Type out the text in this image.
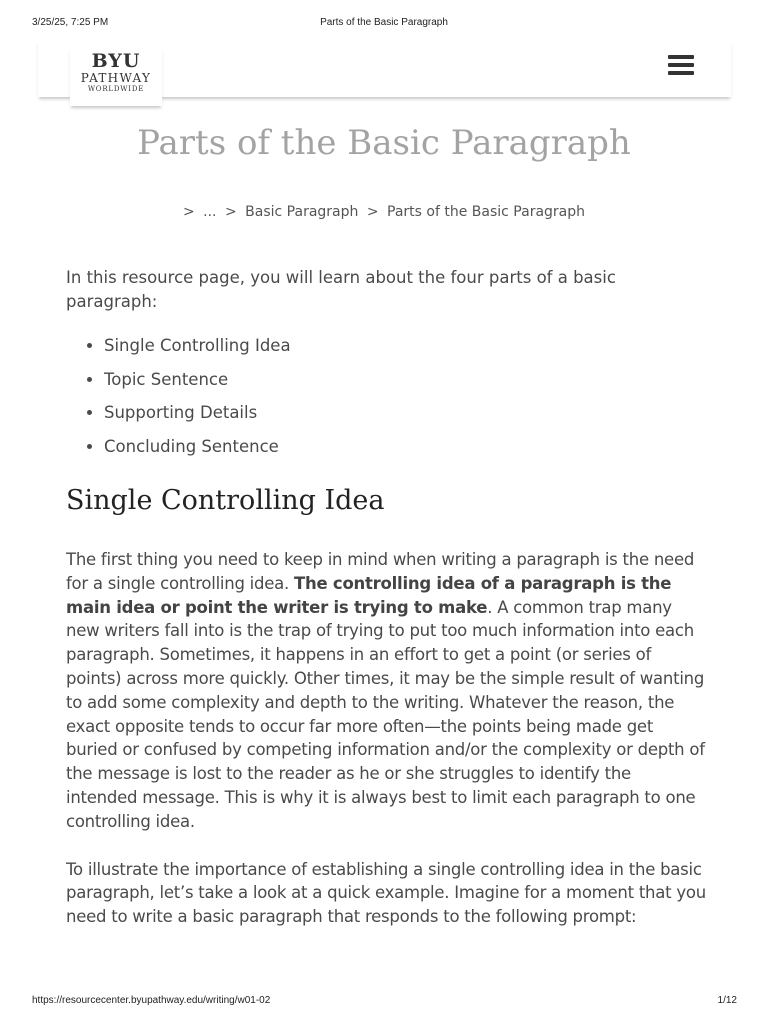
3/25/25, 7:25 PM	Parts of the Basic Paragraph
BYU
PATHWAY
WORLDWIDE
Parts of the Basic Paragraph
> ... > Basic Paragraph > Parts of the Basic Paragraph

In this resource page, you will learn about the four parts of a basic paragraph:

• Single Controlling Idea
• Topic Sentence
• Supporting Details
• Concluding Sentence
Single Controlling Idea

The first thing you need to keep in mind when writing a paragraph is the need for a single controlling idea. The controlling idea of a paragraph is the main idea or point the writer is trying to make. A common trap many new writers fall into is the trap of trying to put too much information into each paragraph. Sometimes, it happens in an effort to get a point (or series of points) across more quickly. Other times, it may be the simple result of wanting to add some complexity and depth to the writing. Whatever the reason, the exact opposite tends to occur far more often—the points being made get buried or confused by competing information and/or the complexity or depth of the message is lost to the reader as he or she struggles to identify the intended message. This is why it is always best to limit each paragraph to one controlling idea.

To illustrate the importance of establishing a single controlling idea in the basic paragraph, let’s take a look at a quick example. Imagine for a moment that you need to write a basic paragraph that responds to the following prompt:

https://resourcecenter.byupathway.edu/writing/w01-02	1/12
